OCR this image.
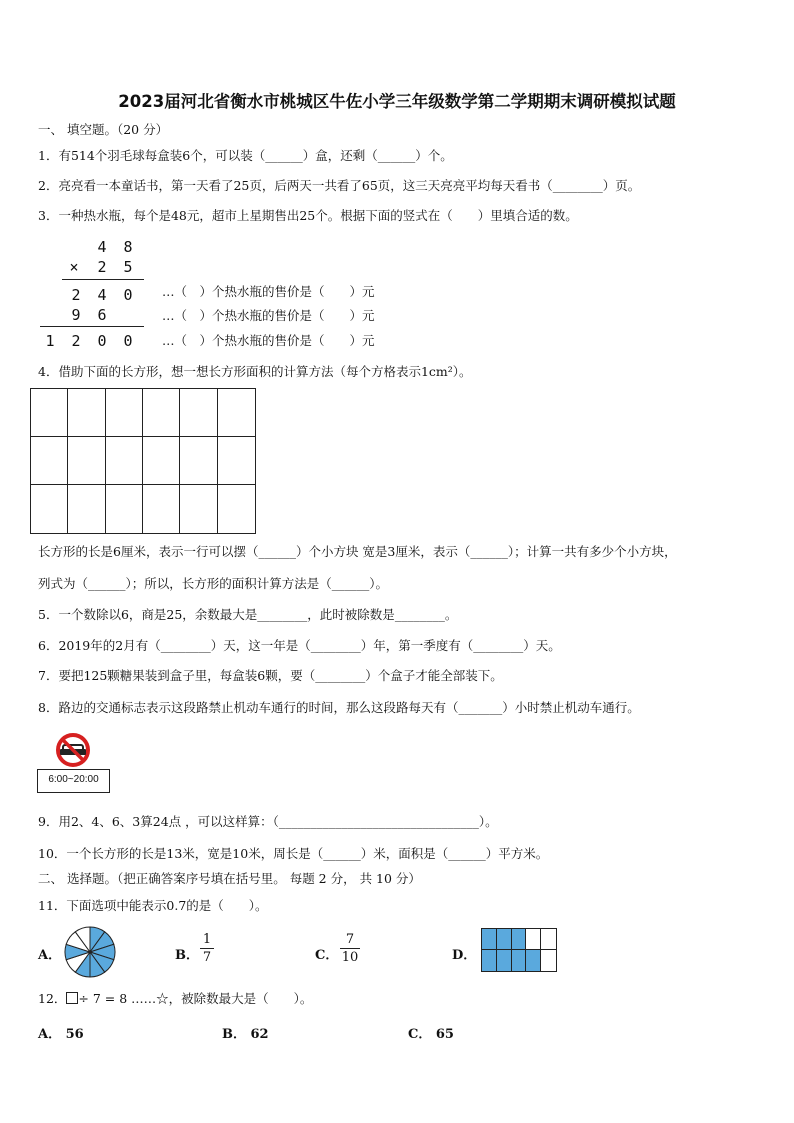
2023届河北省衡水市桃城区牛佐小学三年级数学第二学期期末调研模拟试题
一、 填空题。（20 分）
1．有514个羽毛球每盒装6个，可以装（______）盒，还剩（______）个。
2．亮亮看一本童话书，第一天看了25页，后两天一共看了65页，这三天亮亮平均每天看书（________）页。
3．一种热水瓶，每个是48元，超市上星期售出25个。根据下面的竖式在（　　）里填合适的数。
4 8
× 2 5
2 4 0
9 6
1 2 0 0
…（　）个热水瓶的售价是（　　）元
…（　）个热水瓶的售价是（　　）元
…（　）个热水瓶的售价是（　　）元
4．借助下面的长方形，想一想长方形面积的计算方法（每个方格表示1cm²）。
长方形的长是6厘米，表示一行可以摆（______）个小方块 宽是3厘米，表示（______）；计算一共有多少个小方块，
列式为（______）；所以，长方形的面积计算方法是（______）。
5．一个数除以6，商是25，余数最大是________，此时被除数是________。
6．2019年的2月有（________）天，这一年是（________）年，第一季度有（________）天。
7．要把125颗糖果装到盒子里，每盒装6颗，要（________）个盒子才能全部装下。
8．路边的交通标志表示这段路禁止机动车通行的时间，那么这段路每天有（_______）小时禁止机动车通行。
6:00~20:00
9．用2、4、6、3算24点 ，可以这样算：（________________________________）。
10．一个长方形的长是13米，宽是10米，周长是（______）米，面积是（______）平方米。
二、 选择题。（把正确答案序号填在括号里。 每题 2 分， 共 10 分）
11．下面选项中能表示0.7的是（　　）。
A．	B．
1
7	C．
7
10	D．
12． ÷ 7 = 8 ……☆，被除数最大是（　　）。
A． 56	B． 62	C． 65
